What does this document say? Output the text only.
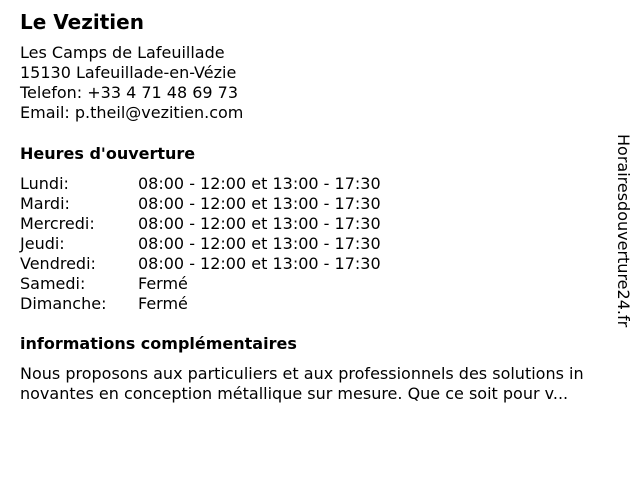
Le Vezitien
Les Camps de Lafeuillade
15130 Lafeuillade-en-Vézie
Telefon: +33 4 71 48 69 73
Email: p.theil@vezitien.com
Heures d'ouverture
Lundi:	08:00 - 12:00 et 13:00 - 17:30
Mardi:	08:00 - 12:00 et 13:00 - 17:30
Mercredi:	08:00 - 12:00 et 13:00 - 17:30
Jeudi:	08:00 - 12:00 et 13:00 - 17:30
Vendredi:	08:00 - 12:00 et 13:00 - 17:30
Samedi:	Fermé
Dimanche: Fermé
informations complémentaires
Nous proposons aux particuliers et aux professionnels des solutions in
novantes en conception métallique sur mesure. Que ce soit pour v...
Horairesdouverture24.fr
